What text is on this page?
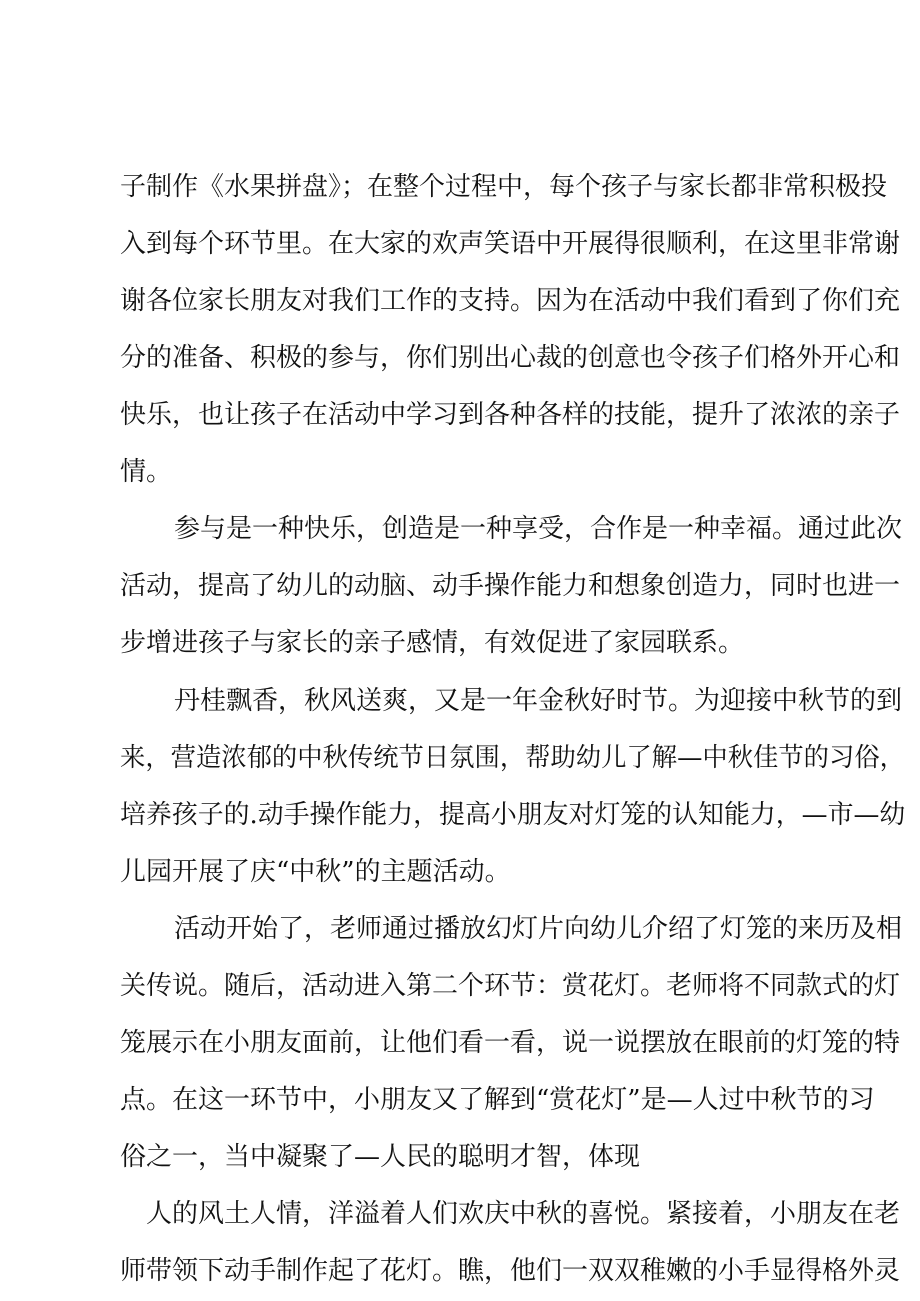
子制作《水果拼盘》；在整个过程中，每个孩子与家长都非常积极投
入到每个环节里。在大家的欢声笑语中开展得很顺利，在这里非常谢
谢各位家长朋友对我们工作的支持。因为在活动中我们看到了你们充
分的准备、积极的参与，你们别出心裁的创意也令孩子们格外开心和
快乐，也让孩子在活动中学习到各种各样的技能，提升了浓浓的亲子
情。
参与是一种快乐，创造是一种享受，合作是一种幸福。通过此次
活动，提高了幼儿的动脑、动手操作能力和想象创造力，同时也进一
步增进孩子与家长的亲子感情，有效促进了家园联系。
丹桂飘香，秋风送爽，又是一年金秋好时节。为迎接中秋节的到
来，营造浓郁的中秋传统节日氛围，帮助幼儿了解—中秋佳节的习俗，
培养孩子的.动手操作能力，提高小朋友对灯笼的认知能力，—市—幼
儿园开展了庆“中秋”的主题活动。
活动开始了，老师通过播放幻灯片向幼儿介绍了灯笼的来历及相
关传说。随后，活动进入第二个环节：赏花灯。老师将不同款式的灯
笼展示在小朋友面前，让他们看一看，说一说摆放在眼前的灯笼的特
点。在这一环节中，小朋友又了解到“赏花灯”是—人过中秋节的习
俗之一，当中凝聚了—人民的聪明才智，体现
人的风土人情，洋溢着人们欢庆中秋的喜悦。紧接着，小朋友在老
师带领下动手制作起了花灯。瞧，他们一双双稚嫩的小手显得格外灵
